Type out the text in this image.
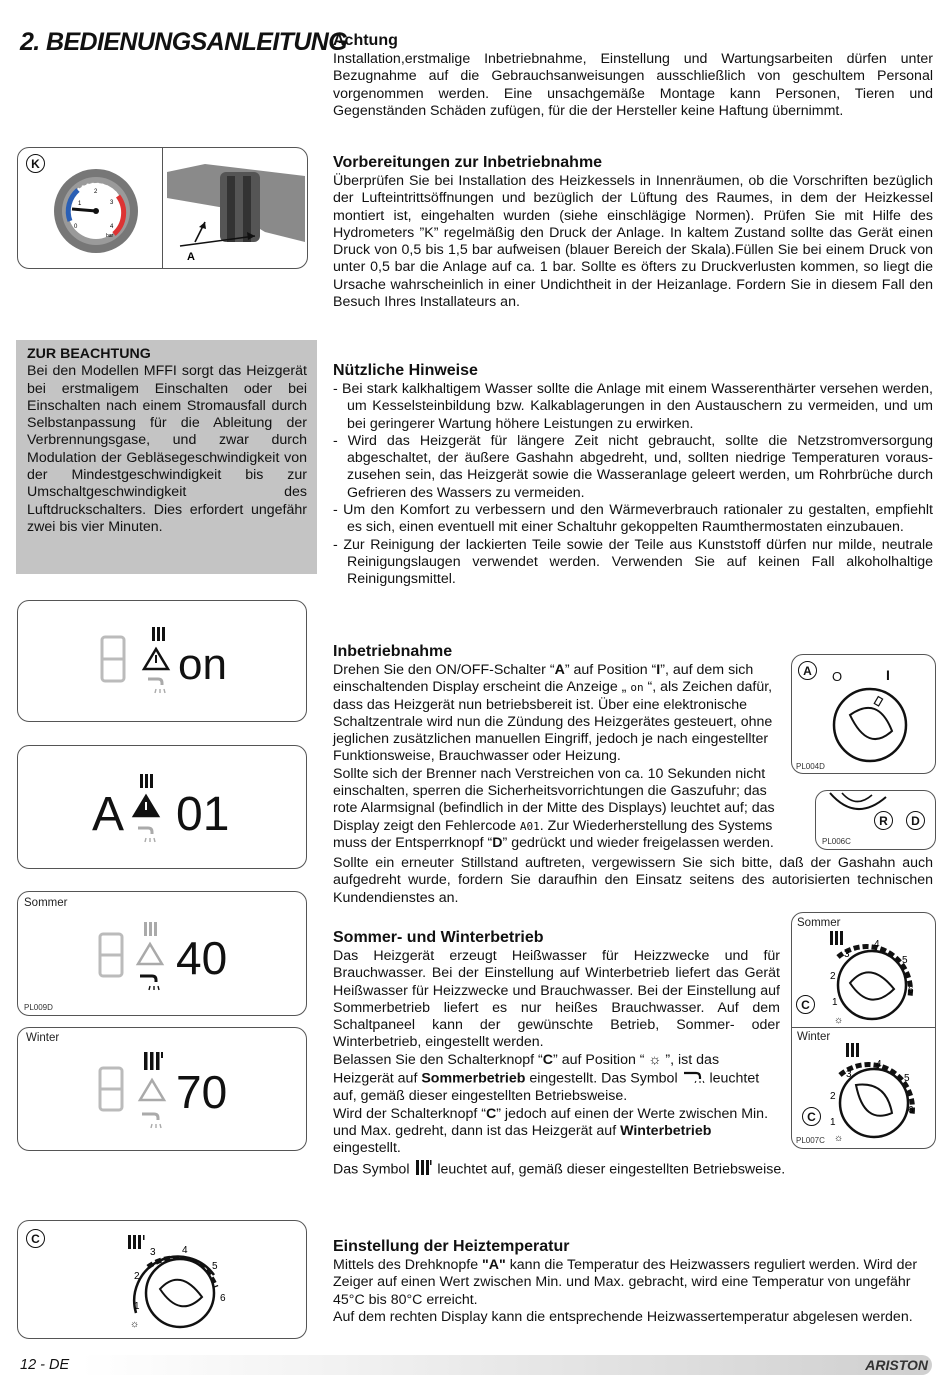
2. BEDIENUNGSANLEITUNG
Achtung

Installation,erstmalige Inbetriebnahme, Einstellung und Wartungsarbeiten dürfen unter Bezugnahme auf die Gebrauchsanweisungen ausschließlich von geschultem Personal vorgenommen werden. Eine unsachgemäße Montage kann Personen, Tieren und Gegenständen Schäden zufügen, für die der Hersteller keine Haftung übernimmt.

Vorbereitungen zur Inbetriebnahme

Überprüfen Sie bei Installation des Heizkessels in Innenräumen, ob die Vorschriften bezüglich der Lufteintrittsöffnungen und bezüglich der Lüftung des Raumes, in dem der Heizkessel montiert ist, eingehalten wurden (siehe einschlägige Normen). Prüfen Sie mit Hilfe des Hydrometers ”K” regelmäßig den Druck der Anlage. In kaltem Zustand sollte das Gerät einen Druck von 0,5 bis 1,5 bar aufweisen (blauer Bereich der Skala).Füllen Sie bei einem Druck von unter 0,5 bar die Anlage auf ca. 1 bar. Sollte es öfters zu Druckverlusten kommen, so liegt die Ursache wahrscheinlich in einer Undichtheit in der Heizanlage. Fordern Sie in diesem Fall den Besuch Ihres Installateurs an.

Nützliche Hinweise
- Bei stark kalkhaltigem Wasser sollte die Anlage mit einem Wasserenthärter versehen werden, um Kesselsteinbildung bzw. Kalkablagerungen in den Austauschern zu vermeiden, und um bei geringerer Wartung höhere Leistungen zu erwirken.
- Wird das Heizgerät für längere Zeit nicht gebraucht, sollte die Netzstromversorgung abgeschaltet, der äußere Gashahn abgedreht, und, sollten niedrige Temperaturen voraus-zusehen sein, das Heizgerät sowie die Wasseranlage geleert werden, um Rohrbrüche durch Gefrieren des Wassers zu vermeiden.
- Um den Komfort zu verbessern und den Wärmeverbrauch rationaler zu gestalten, empfiehlt es sich, einen eventuell mit einer Schaltuhr gekoppelten Raumthermostaten einzubauen.
- Zur Reinigung der lackierten Teile sowie der Teile aus Kunststoff dürfen nur milde, neutrale Reinigungslaugen verwendet werden. Verwenden Sie auf keinen Fall alkoholhaltige Reinigungsmittel.
Inbetriebnahme

Drehen Sie den ON/OFF-Schalter “A” auf Position “I”, auf dem sich einschaltenden Display erscheint die Anzeige „ on “, als Zeichen dafür, dass das Heizgerät nun betriebsbereit ist. Über eine elektronische Schaltzentrale wird nun die Zündung des Heizgerätes gesteuert, ohne jeglichen zusätzlichen manuellen Eingriff, jedoch je nach eingestellter Funktionsweise, Brauchwasser oder Heizung.

Sollte sich der Brenner nach Verstreichen von ca. 10 Sekunden nicht einschalten, sperren die Sicherheitsvorrichtungen die Gaszufuhr; das rote Alarmsignal (befindlich in der Mitte des Displays) leuchtet auf; das Display zeigt den Fehlercode A01. Zur Wiederherstellung des Systems muss der Entsperrknopf “D” gedrückt und wieder freigelassen werden.

Sollte ein erneuter Stillstand auftreten, vergewissern Sie sich bitte, daß der Gashahn auch aufgedreht wurde, fordern Sie daraufhin den Einsatz seitens des autorisierten technischen Kundendienstes an.

Sommer- und Winterbetrieb

Das Heizgerät erzeugt Heißwasser für Heizzwecke und für Brauchwasser. Bei der Einstellung auf Winterbetrieb liefert das Gerät Heißwasser für Heizzwecke und Brauchwasser. Bei der Einstellung auf Sommerbetrieb liefert es nur heißes Brauchwasser. Auf dem Schaltpaneel kann der gewünschte Betrieb, Sommer- oder Winterbetrieb, eingestellt werden.

Belassen Sie den Schalterknopf “C” auf Position “ ☼ ”, ist das Heizgerät auf Sommerbetrieb eingestellt. Das Symbol  leuchtet auf, gemäß dieser eingestellten Betriebsweise.

Wird der Schalterknopf “C” jedoch auf einen der Werte zwischen Min. und Max. gedreht, dann ist das Heizgerät auf Winterbetrieb eingestellt.

Das Symbol  leuchtet auf, gemäß dieser eingestellten Betriebsweise.

Einstellung der Heiztemperatur

Mittels des Drehknopfe "A" kann die Temperatur des Heizwassers reguliert werden. Wird der Zeiger auf einen Wert zwischen Min. und Max. gebracht, wird eine Temperatur von ungefähr 45°C bis 80°C erreicht.

Auf dem rechten Display kann die entsprechende Heizwassertemperatur abgelesen werden.

K
0
1
2
3
4
bar
A
ZUR BEACHTUNG

Bei den Modellen MFFI sorgt das Heizgerät bei erstmaligem Einschalten oder bei Einschalten nach einem Stromausfall durch Selbstanpassung für die Ableitung der Verbrennungsgase, und zwar durch Modulation der Gebläsegeschwindigkeit von der Mindestgeschwindigkeit bis zur Umschaltgeschwindigkeit des Luftdruckschalters. Dies erfordert ungefähr zwei bis vier Minuten.

on
A 01
Sommer
PL009D
40
Winter
70
C
1
2
3	4
5
6
☼
A	O	I
PL004D
R	D
PL006C
Sommer
1
2
3
4
5
6
☼
C
Winter
1
2
3
4
5
6
☼
C
PL007C
12 - DE	ARISTON
